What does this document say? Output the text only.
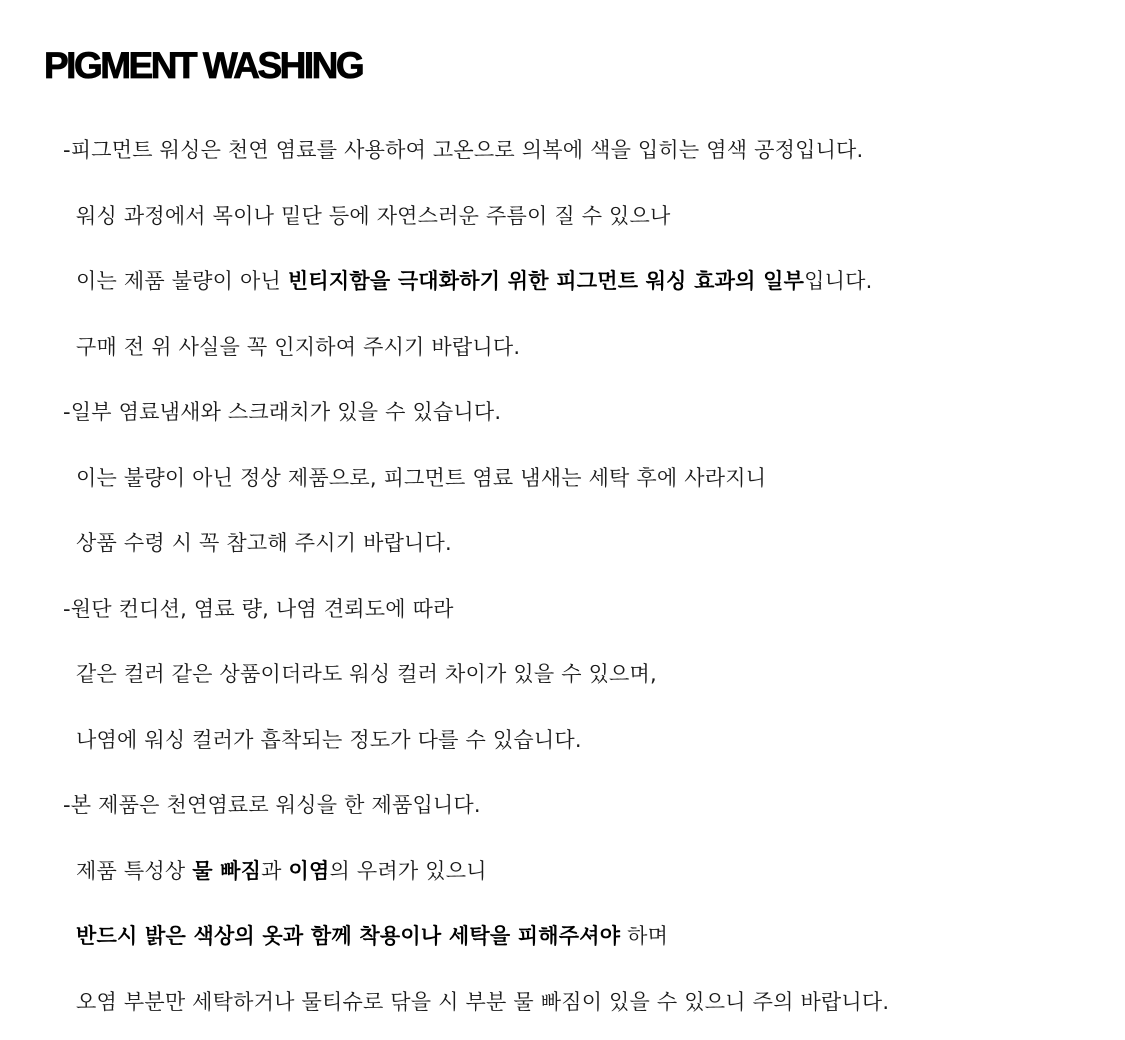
PIGMENT WASHING
-피그먼트 워싱은 천연 염료를 사용하여 고온으로 의복에 색을 입히는 염색 공정입니다.
워싱 과정에서 목이나 밑단 등에 자연스러운 주름이 질 수 있으나
이는 제품 불량이 아닌 빈티지함을 극대화하기 위한 피그먼트 워싱 효과의 일부입니다.
구매 전 위 사실을 꼭 인지하여 주시기 바랍니다.
-일부 염료냄새와 스크래치가 있을 수 있습니다.
이는 불량이 아닌 정상 제품으로, 피그먼트 염료 냄새는 세탁 후에 사라지니
상품 수령 시 꼭 참고해 주시기 바랍니다.
-원단 컨디션, 염료 량, 나염 견뢰도에 따라
같은 컬러 같은 상품이더라도 워싱 컬러 차이가 있을 수 있으며,
나염에 워싱 컬러가 흡착되는 정도가 다를 수 있습니다.
-본 제품은 천연염료로 워싱을 한 제품입니다.
제품 특성상 물 빠짐과 이염의 우려가 있으니
반드시 밝은 색상의 옷과 함께 착용이나 세탁을 피해주셔야 하며
오염 부분만 세탁하거나 물티슈로 닦을 시 부분 물 빠짐이 있을 수 있으니 주의 바랍니다.
